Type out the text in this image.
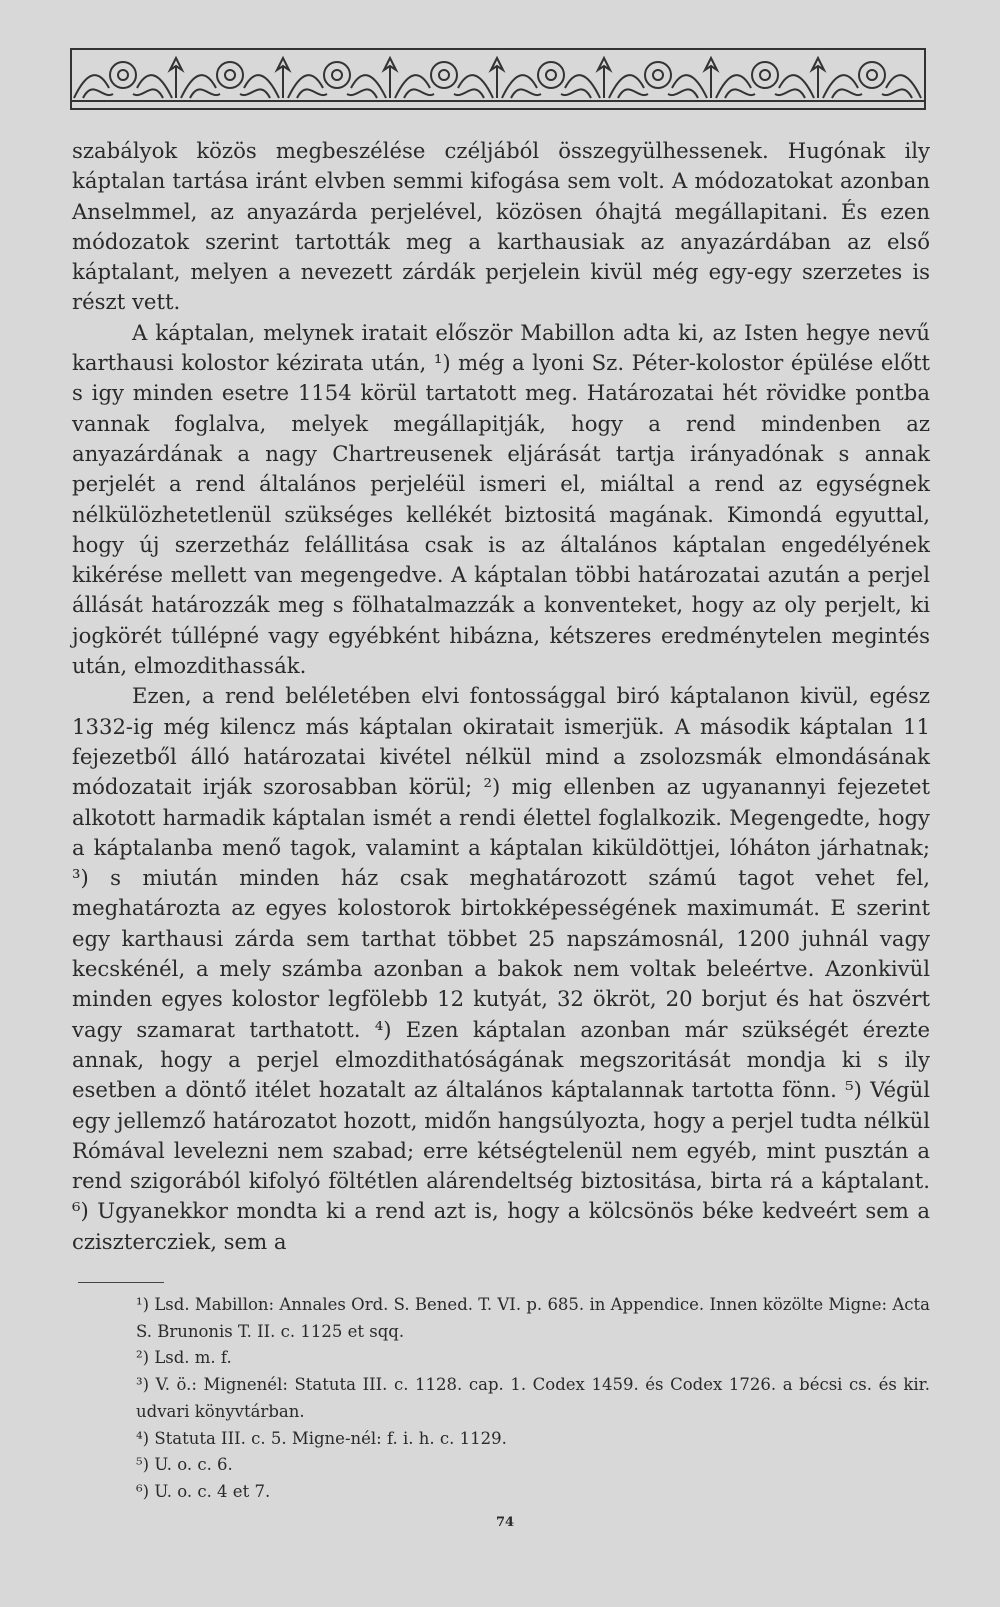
szabályok közös megbeszélése czéljából összegyülhessenek. Hugónak ily káptalan tartása iránt elvben semmi kifogása sem volt. A módozatokat azonban Anselmmel, az anyazárda perjelével, közösen óhajtá megállapitani. És ezen módozatok szerint tartották meg a karthausiak az anyazárdában az első káptalant, melyen a nevezett zárdák perjelein kivül még egy-egy szerzetes is részt vett.

A káptalan, melynek iratait először Mabillon adta ki, az Isten hegye nevű karthausi kolostor kézirata után, ¹) még a lyoni Sz. Péter-kolostor épülése előtt s igy minden esetre 1154 körül tartatott meg. Határozatai hét rövidke pontba vannak foglalva, melyek megállapitják, hogy a rend mindenben az anyazárdának a nagy Chartreusenek eljárását tartja irányadónak s annak perjelét a rend általános perjeléül ismeri el, miáltal a rend az egységnek nélkülözhetetlenül szükséges kellékét biztositá magának. Kimondá egyuttal, hogy új szerzetház felállitása csak is az általános káptalan engedélyének kikérése mellett van megengedve. A káptalan többi határozatai azután a perjel állását határozzák meg s fölhatalmazzák a konventeket, hogy az oly perjelt, ki jogkörét túllépné vagy egyébként hibázna, kétszeres eredménytelen megintés után, elmozdithassák.

Ezen, a rend beléletében elvi fontossággal biró káptalanon kivül, egész 1332-ig még kilencz más káptalan okiratait ismerjük. A második káptalan 11 fejezetből álló határozatai kivétel nélkül mind a zsolozsmák elmondásának módozatait irják szorosabban körül; ²) mig ellenben az ugyanannyi fejezetet alkotott harmadik káptalan ismét a rendi élettel foglalkozik. Megengedte, hogy a káptalanba menő tagok, valamint a káptalan kiküldöttjei, lóháton járhatnak; ³) s miután minden ház csak meghatározott számú tagot vehet fel, meghatározta az egyes kolostorok birtokképességének maximumát. E szerint egy karthausi zárda sem tarthat többet 25 napszámosnál, 1200 juhnál vagy kecskénél, a mely számba azonban a bakok nem voltak beleértve. Azonkivül minden egyes kolostor legfölebb 12 kutyát, 32 ökröt, 20 borjut és hat öszvért vagy szamarat tarthatott. ⁴) Ezen káptalan azonban már szükségét érezte annak, hogy a perjel elmozdithatóságának megszoritását mondja ki s ily esetben a döntő itélet hozatalt az általános káptalannak tartotta fönn. ⁵) Végül egy jellemző határozatot hozott, midőn hangsúlyozta, hogy a perjel tudta nélkül Rómával levelezni nem szabad; erre kétségtelenül nem egyéb, mint pusztán a rend szigorából kifolyó föltétlen alárendeltség biztositása, birta rá a káptalant. ⁶) Ugyanekkor mondta ki a rend azt is, hogy a kölcsönös béke kedveért sem a czisztercziek, sem a

¹) Lsd. Mabillon: Annales Ord. S. Bened. T. VI. p. 685. in Appendice. Innen közölte Migne: Acta S. Brunonis T. II. c. 1125 et sqq.

²) Lsd. m. f.

³) V. ö.: Mignenél: Statuta III. c. 1128. cap. 1. Codex 1459. és Codex 1726. a bécsi cs. és kir. udvari könyvtárban.

⁴) Statuta III. c. 5. Migne-nél: f. i. h. c. 1129.

⁵) U. o. c. 6.

⁶) U. o. c. 4 et 7.

74
